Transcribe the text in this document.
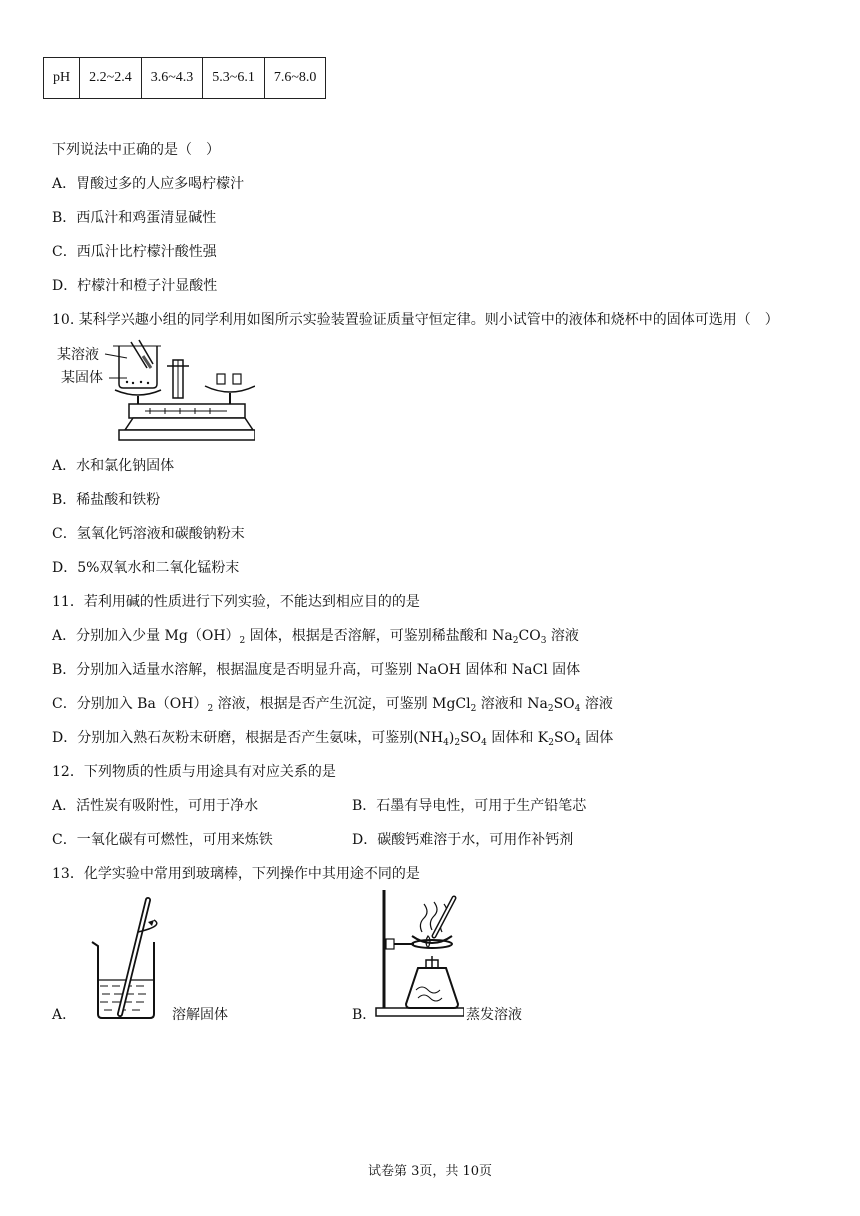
pH	2.2~2.4	3.6~4.3	5.3~6.1	7.6~8.0
下列说法中正确的是（　）
A．胃酸过多的人应多喝柠檬汁
B．西瓜汁和鸡蛋清显碱性
C．西瓜汁比柠檬汁酸性强
D．柠檬汁和橙子汁显酸性
10. 某科学兴趣小组的同学利用如图所示实验装置验证质量守恒定律。则小试管中的液体和烧杯中的固体可选用（　）
某溶液
某固体
A．水和氯化钠固体
B．稀盐酸和铁粉
C．氢氧化钙溶液和碳酸钠粉末
D．5%双氧水和二氧化锰粉末
11．若利用碱的性质进行下列实验，不能达到相应目的的是
A．分别加入少量 $Mg(OH)_2$ 固体，根据是否溶解，可鉴别稀盐酸和 $Na_2CO_3$ 溶液
B．分别加入适量水溶解，根据温度是否明显升高，可鉴别 NaOH 固体和 NaCl 固体
C．分别加入 $Ba(OH)_2$ 溶液，根据是否产生沉淀，可鉴别 MgCl$_2$ 溶液和 $Na_2SO_4$ 溶液
D．分别加入熟石灰粉末研磨，根据是否产生氨味，可鉴别$(NH_4)_2SO_4$ 固体和 $K_2SO_4$ 固体
12．下列物质的性质与用途具有对应关系的是
A．活性炭有吸附性，可用于净水	B．石墨有导电性，可用于生产铅笔芯
C．一氧化碳有可燃性，可用来炼铁	D．碳酸钙难溶于水，可用作补钙剂
13．化学实验中常用到玻璃棒，下列操作中其用途不同的是
A．	溶解固体	B．	蒸发溶液
试卷第 3页，共 10页
